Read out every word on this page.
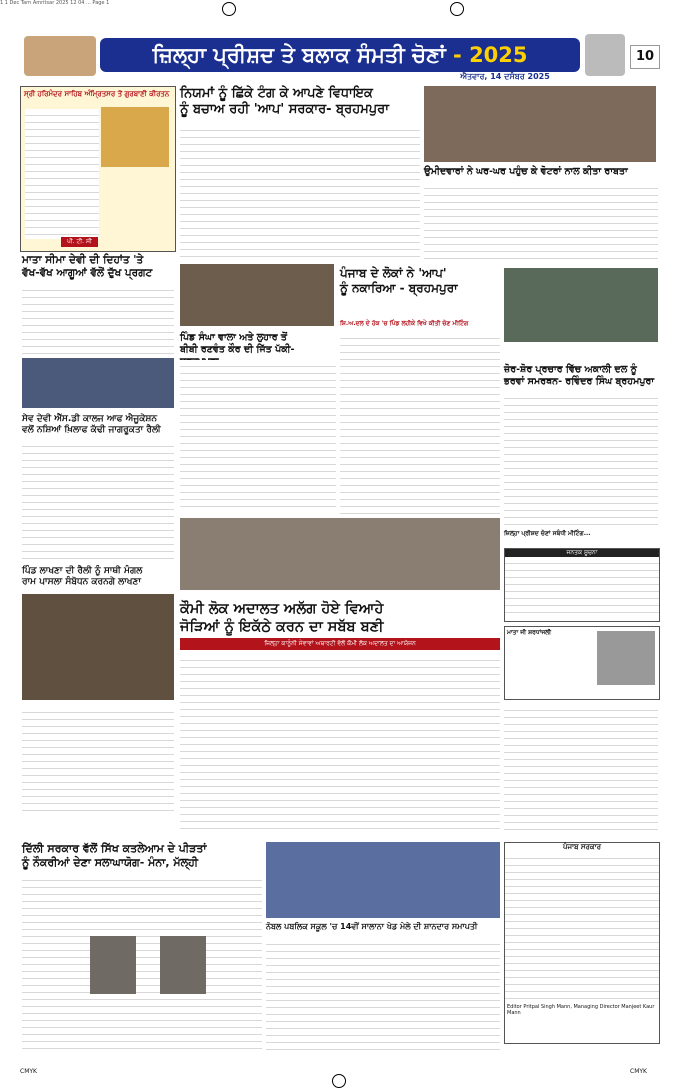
1 1 Dec Tarn Amritsar 2025 12 04 ... Page 1
ਜ਼ਿਲ੍ਹਾ ਪ੍ਰੀਸ਼ਦ ਤੇ ਬਲਾਕ ਸੰਮਤੀ ਚੋਣਾਂ - 2025	10
ਐਤਵਾਰ, 14 ਦਸੰਬਰ 2025
ਸ੍ਰੀ ਹਰਿਮੰਦਰ ਸਾਹਿਬ ਅੰਮ੍ਰਿਤਸਰ ਤੋਂ ਗੁਰਬਾਣੀ ਕੀਰਤਨ
ਪੀ. ਟੀ. ਸੀ
ਨਿਯਮਾਂ ਨੂੰ ਛਿੱਕੇ ਟੰਗ ਕੇ ਆਪਣੇ ਵਿਧਾਇਕ
ਨੂੰ ਬਚਾਅ ਰਹੀ 'ਆਪ' ਸਰਕਾਰ- ਬ੍ਰਹਮਪੁਰਾ
ਉਮੀਦਵਾਰਾਂ ਨੇ ਘਰ-ਘਰ ਪਹੁੰਚ ਕੇ ਵੋਟਰਾਂ ਨਾਲ ਕੀਤਾ ਰਾਬਤਾ
ਮਾਤਾ ਸੀਮਾ ਦੇਵੀ ਦੀ ਦਿਹਾਂਤ 'ਤੇ
ਵੱਖ-ਵੱਖ ਆਗੂਆਂ ਵੱਲੋਂ ਦੁੱਖ ਪ੍ਰਗਟ	ਪੰਜਾਬ ਦੇ ਲੋਕਾਂ ਨੇ 'ਆਪ'
ਨੂੰ ਨਕਾਰਿਆ - ਬ੍ਰਹਮਪੁਰਾ
ਸ਼ਿ.ਅ.ਦਲ ਦੇ ਹੱਕ 'ਚ ਪਿੰਡ ਲਹੀਕੇ ਵਿਖੇ ਕੀਤੀ ਚੋਣ ਮੀਟਿੰਗ
ਜ਼ੋਰ-ਸ਼ੋਰ ਪ੍ਰਚਾਰ ਵਿੱਚ ਅਕਾਲੀ ਦਲ ਨੂੰ
ਭਰਵਾਂ ਸਮਰਥਨ- ਰਵਿੰਦਰ ਸਿੰਘ ਬ੍ਰਹਮਪੁਰਾ
ਪਿੰਡ ਸੰਘਾ ਵਾਲਾ ਅਤੇ ਲੁਹਾਰ ਤੋਂ
ਬੀਬੀ ਰਣਵੰਤ ਕੌਰ ਦੀ ਜਿੱਤ ਪੱਕੀ-
ਸੇਵ ਦੇਵੀ ਐੱਸ.ਡੀ ਕਾਲਜ ਆਫ ਐਜੂਕੇਸ਼ਨ
ਵਲੋਂ ਨਸ਼ਿਆਂ ਖ਼ਿਲਾਫ ਕੱਢੀ ਜਾਗਰੂਕਤਾ ਰੈਲੀ
ਜ਼ਿਲ੍ਹਾ ਪ੍ਰੀਸ਼ਦ ਚੋਣਾਂ ਸਬੰਧੀ ਮੀਟਿੰਗ...
ਜਨਤਕ ਸੂਚਨਾ
ਪਿੰਡ ਲਾਖਣਾ ਦੀ ਰੈਲੀ ਨੂੰ ਸਾਥੀ ਮੰਗਲ
ਰਾਮ ਪਾਸਲਾ ਸੰਬੋਧਨ ਕਰਨਗੇ ਲਾਖਣਾ
ਕੌਮੀ ਲੋਕ ਅਦਾਲਤ ਅਲੱਗ ਹੋਏ ਵਿਆਹੇ
ਜੋੜਿਆਂ ਨੂੰ ਇਕੱਠੇ ਕਰਨ ਦਾ ਸਬੱਬ ਬਣੀ
ਜ਼ਿਲ੍ਹਾ ਕਾਨੂੰਨੀ ਸੇਵਾਵਾਂ ਅਥਾਰਟੀ ਵੱਲੋਂ ਕੌਮੀ ਲੋਕ ਅਦਾਲਤ ਦਾ ਆਯੋਜਨ
ਮਾਤਾ ਜੀ ਸ਼ਰਧਾਂਜਲੀ
ਦਿੱਲੀ ਸਰਕਾਰ ਵੱਲੋਂ ਸਿੱਖ ਕਤਲੇਆਮ ਦੇ ਪੀੜਤਾਂ
ਨੂੰ ਨੌਕਰੀਆਂ ਦੇਣਾ ਸਲਾਘਾਯੋਗ- ਮੰਨਾ, ਮੱਲ੍ਹੀ
ਨੋਬਲ ਪਬਲਿਕ ਸਕੂਲ 'ਚ 14ਵੀਂ ਸਾਲਾਨਾ ਖੇਡ ਮੇਲੇ ਦੀ ਸ਼ਾਨਦਾਰ ਸਮਾਪਤੀ
ਪੰਜਾਬ ਸਰਕਾਰ
Editor Pritpal Singh Mann, Managing Director Manjeet Kaur Mann
CMYK	CMYK
